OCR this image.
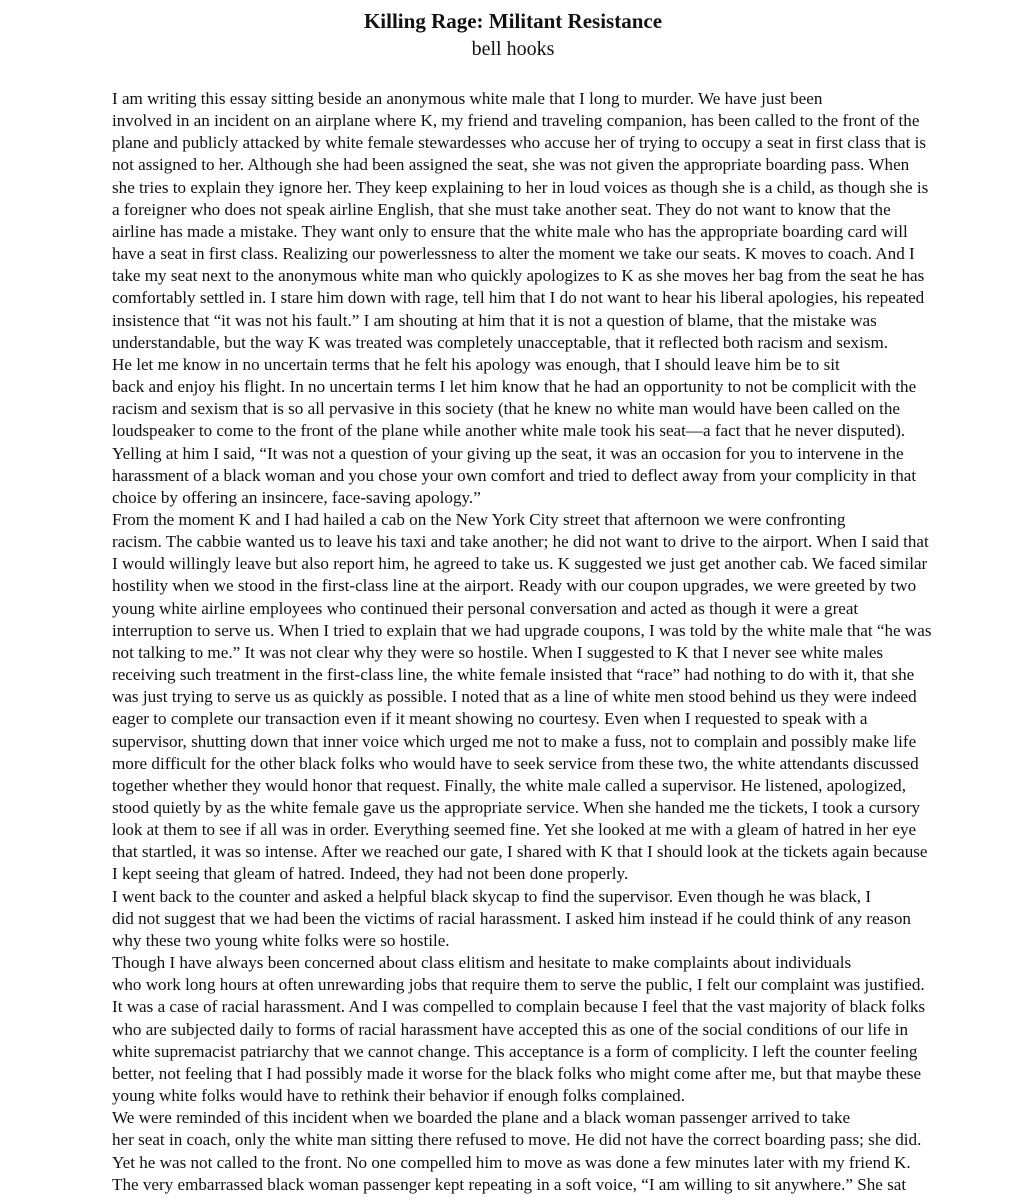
Killing Rage: Militant Resistance
bell hooks

I am writing this essay sitting beside an anonymous white male that I long to murder. We have just been
involved in an incident on an airplane where K, my friend and traveling companion, has been called to the front of the
plane and publicly attacked by white female stewardesses who accuse her of trying to occupy a seat in first class that is
not assigned to her. Although she had been assigned the seat, she was not given the appropriate boarding pass. When
she tries to explain they ignore her. They keep explaining to her in loud voices as though she is a child, as though she is
a foreigner who does not speak airline English, that she must take another seat. They do not want to know that the
airline has made a mistake. They want only to ensure that the white male who has the appropriate boarding card will
have a seat in first class. Realizing our powerlessness to alter the moment we take our seats. K moves to coach. And I
take my seat next to the anonymous white man who quickly apologizes to K as she moves her bag from the seat he has
comfortably settled in. I stare him down with rage, tell him that I do not want to hear his liberal apologies, his repeated
insistence that “it was not his fault.” I am shouting at him that it is not a question of blame, that the mistake was
understandable, but the way K was treated was completely unacceptable, that it reflected both racism and sexism.

He let me know in no uncertain terms that he felt his apology was enough, that I should leave him be to sit
back and enjoy his flight. In no uncertain terms I let him know that he had an opportunity to not be complicit with the
racism and sexism that is so all pervasive in this society (that he knew no white man would have been called on the
loudspeaker to come to the front of the plane while another white male took his seat—a fact that he never disputed).
Yelling at him I said, “It was not a question of your giving up the seat, it was an occasion for you to intervene in the
harassment of a black woman and you chose your own comfort and tried to deflect away from your complicity in that
choice by offering an insincere, face-saving apology.”

From the moment K and I had hailed a cab on the New York City street that afternoon we were confronting
racism. The cabbie wanted us to leave his taxi and take another; he did not want to drive to the airport. When I said that
I would willingly leave but also report him, he agreed to take us. K suggested we just get another cab. We faced similar
hostility when we stood in the first-class line at the airport. Ready with our coupon upgrades, we were greeted by two
young white airline employees who continued their personal conversation and acted as though it were a great
interruption to serve us. When I tried to explain that we had upgrade coupons, I was told by the white male that “he was
not talking to me.” It was not clear why they were so hostile. When I suggested to K that I never see white males
receiving such treatment in the first-class line, the white female insisted that “race” had nothing to do with it, that she
was just trying to serve us as quickly as possible. I noted that as a line of white men stood behind us they were indeed
eager to complete our transaction even if it meant showing no courtesy. Even when I requested to speak with a
supervisor, shutting down that inner voice which urged me not to make a fuss, not to complain and possibly make life
more difficult for the other black folks who would have to seek service from these two, the white attendants discussed
together whether they would honor that request. Finally, the white male called a supervisor. He listened, apologized,
stood quietly by as the white female gave us the appropriate service. When she handed me the tickets, I took a cursory
look at them to see if all was in order. Everything seemed fine. Yet she looked at me with a gleam of hatred in her eye
that startled, it was so intense. After we reached our gate, I shared with K that I should look at the tickets again because
I kept seeing that gleam of hatred. Indeed, they had not been done properly.

I went back to the counter and asked a helpful black skycap to find the supervisor. Even though he was black, I
did not suggest that we had been the victims of racial harassment. I asked him instead if he could think of any reason
why these two young white folks were so hostile.

Though I have always been concerned about class elitism and hesitate to make complaints about individuals
who work long hours at often unrewarding jobs that require them to serve the public, I felt our complaint was justified.
It was a case of racial harassment. And I was compelled to complain because I feel that the vast majority of black folks
who are subjected daily to forms of racial harassment have accepted this as one of the social conditions of our life in
white supremacist patriarchy that we cannot change. This acceptance is a form of complicity. I left the counter feeling
better, not feeling that I had possibly made it worse for the black folks who might come after me, but that maybe these
young white folks would have to rethink their behavior if enough folks complained.

We were reminded of this incident when we boarded the plane and a black woman passenger arrived to take
her seat in coach, only the white man sitting there refused to move. He did not have the correct boarding pass; she did.
Yet he was not called to the front. No one compelled him to move as was done a few minutes later with my friend K.
The very embarrassed black woman passenger kept repeating in a soft voice, “I am willing to sit anywhere.” She sat
